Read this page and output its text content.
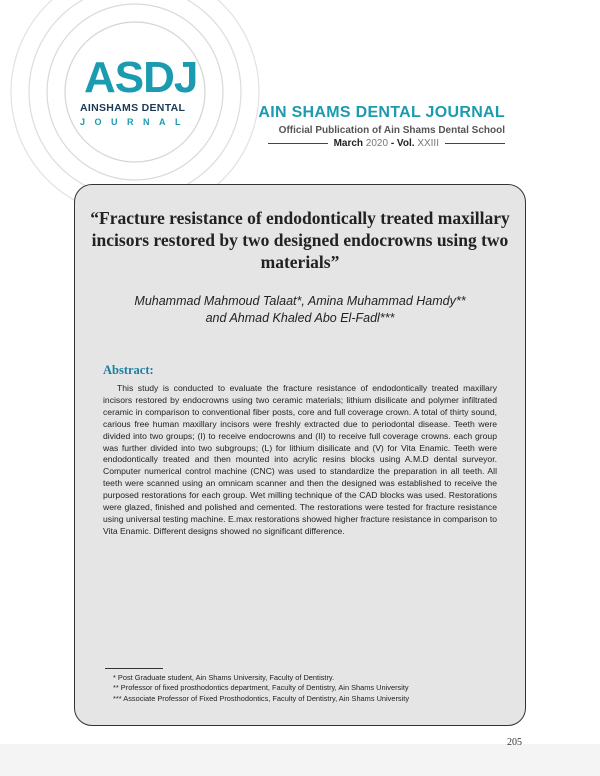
ASDJ
AINSHAMS DENTAL
JOURNAL
AIN SHAMS DENTAL JOURNAL
Official Publication of Ain Shams Dental School
March 2020 - Vol. XXIII
“Fracture resistance of endodontically treated maxillary incisors restored by two designed endocrowns using two materials”
Muhammad Mahmoud Talaat*, Amina Muhammad Hamdy**
and Ahmad Khaled Abo El-Fadl***
Abstract:
This study is conducted to evaluate the fracture resistance of endodontically treated maxillary incisors restored by endocrowns using two ceramic materials; lithium disilicate and polymer infiltrated ceramic in comparison to conventional fiber posts, core and full coverage crown. A total of thirty sound, carious free human maxillary incisors were freshly extracted due to periodontal disease. Teeth were divided into two groups; (I) to receive endocrowns and (II) to receive full coverage crowns. each group was further divided into two subgroups; (L) for lithium disilicate and (V) for Vita Enamic. Teeth were endodontically treated and then mounted into acrylic resins blocks using A.M.D dental surveyor. Computer numerical control machine (CNC) was used to standardize the preparation in all teeth. All teeth were scanned using an omnicam scanner and then the designed was established to receive the purposed restorations for each group. Wet milling technique of the CAD blocks was used. Restorations were glazed, finished and polished and cemented. The restorations were tested for fracture resistance using universal testing machine. E.max restorations showed higher fracture resistance in comparison to Vita Enamic. Different designs showed no significant difference.
* Post Graduate student, Ain Shams University, Faculty of Dentistry.
** Professor of fixed prosthodontics department, Faculty of Dentistry, Ain Shams University
*** Associate Professor of Fixed Prosthodontics, Faculty of Dentistry, Ain Shams University
205
